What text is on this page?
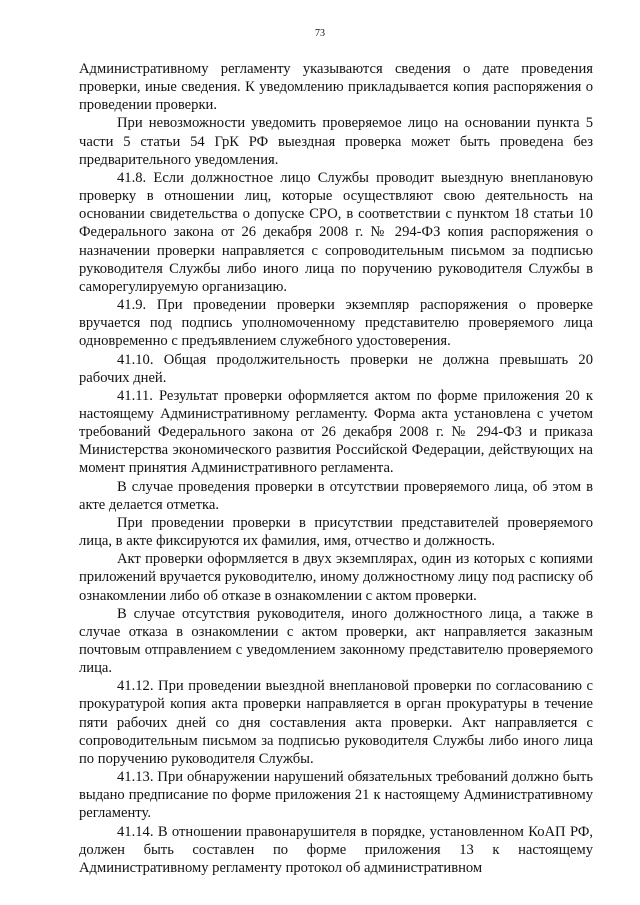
73

Административному регламенту указываются сведения о дате проведения проверки, иные сведения. К уведомлению прикладывается копия распоряжения о проведении проверки.

При невозможности уведомить проверяемое лицо на основании пункта 5 части 5 статьи 54 ГрК РФ выездная проверка может быть проведена без предварительного уведомления.

41.8. Если должностное лицо Службы проводит выездную внеплановую проверку в отношении лиц, которые осуществляют свою деятельность на основании свидетельства о допуске СРО, в соответствии с пунктом 18 статьи 10 Федерального закона от 26 декабря 2008 г. № 294-ФЗ копия распоряжения о назначении проверки направляется с сопроводительным письмом за подписью руководителя Службы либо иного лица по поручению руководителя Службы в саморегулируемую организацию.

41.9. При проведении проверки экземпляр распоряжения о проверке вручается под подпись уполномоченному представителю проверяемого лица одновременно с предъявлением служебного удостоверения.

41.10. Общая продолжительность проверки не должна превышать 20 рабочих дней.

41.11. Результат проверки оформляется актом по форме приложения 20 к настоящему Административному регламенту. Форма акта установлена с учетом требований Федерального закона от 26 декабря 2008 г. № 294-ФЗ и приказа Министерства экономического развития Российской Федерации, действующих на момент принятия Административного регламента.

В случае проведения проверки в отсутствии проверяемого лица, об этом в акте делается отметка.

При проведении проверки в присутствии представителей проверяемого лица, в акте фиксируются их фамилия, имя, отчество и должность.

Акт проверки оформляется в двух экземплярах, один из которых с копиями приложений вручается руководителю, иному должностному лицу под расписку об ознакомлении либо об отказе в ознакомлении с актом проверки.

В случае отсутствия руководителя, иного должностного лица, а также в случае отказа в ознакомлении с актом проверки, акт направляется заказным почтовым отправлением с уведомлением законному представителю проверяемого лица.

41.12. При проведении выездной внеплановой проверки по согласованию с прокуратурой копия акта проверки направляется в орган прокуратуры в течение пяти рабочих дней со дня составления акта проверки. Акт направляется с сопроводительным письмом за подписью руководителя Службы либо иного лица по поручению руководителя Службы.

41.13. При обнаружении нарушений обязательных требований должно быть выдано предписание по форме приложения 21 к настоящему Административному регламенту.

41.14. В отношении правонарушителя в порядке, установленном КоАП РФ, должен быть составлен по форме приложения 13 к настоящему Административному регламенту протокол об административном
